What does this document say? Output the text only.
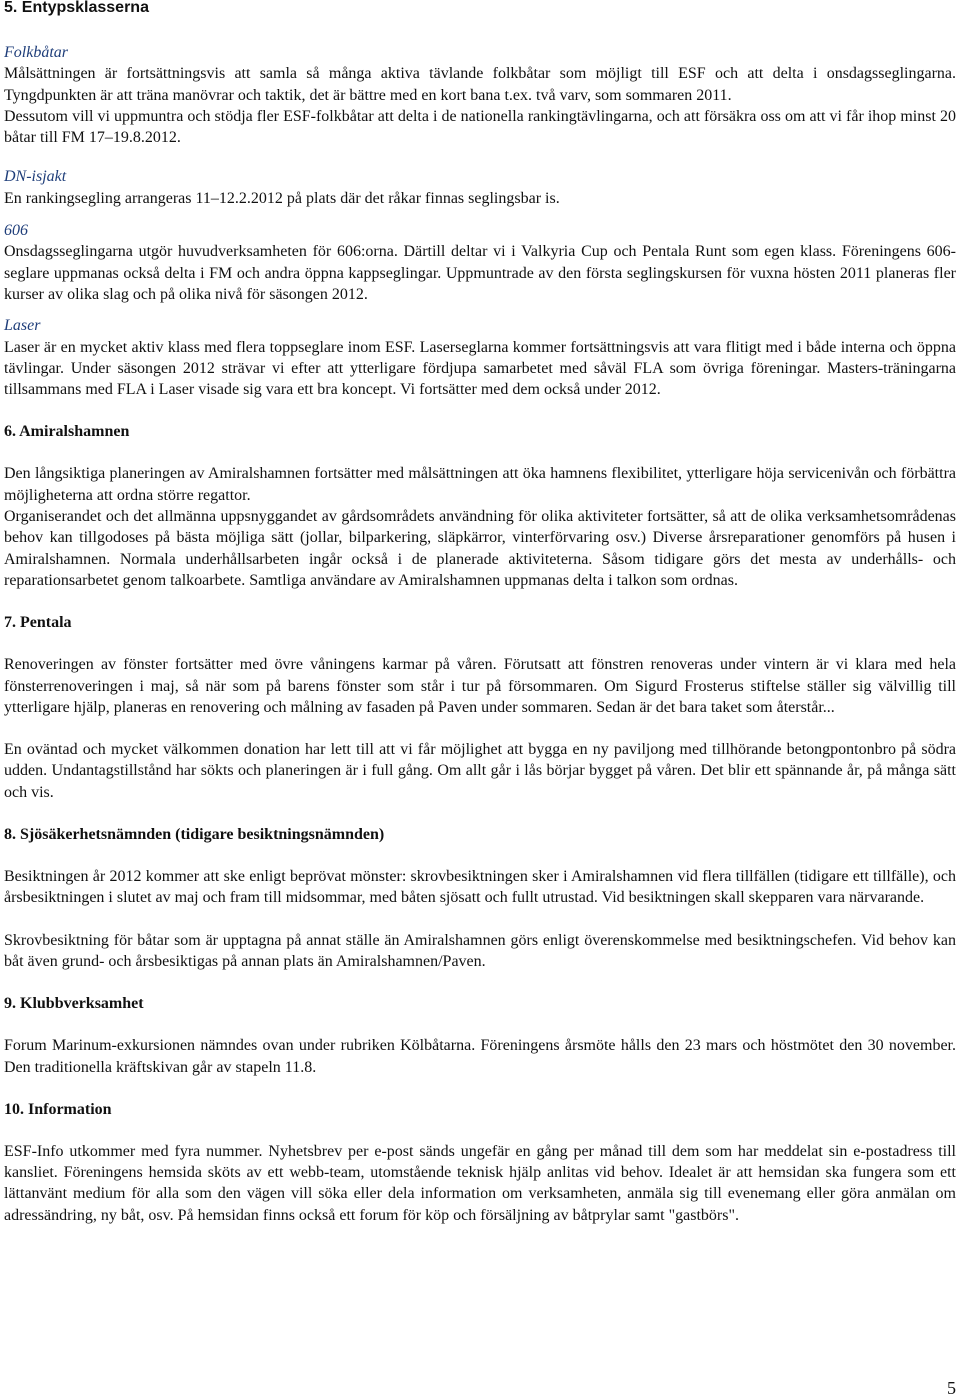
5. Entypsklasserna
Folkbåtar

Målsättningen är fortsättningsvis att samla så många aktiva tävlande folkbåtar som möjligt till ESF och att delta i onsdagsseglingarna. Tyngdpunkten är att träna manövrar och taktik, det är bättre med en kort bana t.ex. två varv, som sommaren 2011.

Dessutom vill vi uppmuntra och stödja fler ESF-folkbåtar att delta i de nationella rankingtävlingarna, och att försäkra oss om att vi får ihop minst 20 båtar till FM 17–19.8.2012.

DN-isjakt

En rankingsegling arrangeras 11–12.2.2012 på plats där det råkar finnas seglingsbar is.

606

Onsdagsseglingarna utgör huvudverksamheten för 606:orna. Därtill deltar vi i Valkyria Cup och Pentala Runt som egen klass. Föreningens 606-seglare uppmanas också delta i FM och andra öppna kappseglingar. Uppmuntrade av den första seglingskursen för vuxna hösten 2011 planeras fler kurser av olika slag och på olika nivå för säsongen 2012.

Laser

Laser är en mycket aktiv klass med flera toppseglare inom ESF. Laserseglarna kommer fortsättningsvis att vara flitigt med i både interna och öppna tävlingar. Under säsongen 2012 strävar vi efter att ytterligare fördjupa samarbetet med såväl FLA som övriga föreningar. Masters-träningarna tillsammans med FLA i Laser visade sig vara ett bra koncept. Vi fortsätter med dem också under 2012.

6. Amiralshamnen

Den långsiktiga planeringen av Amiralshamnen fortsätter med målsättningen att öka hamnens flexibilitet, ytterligare höja servicenivån och förbättra möjligheterna att ordna större regattor.

Organiserandet och det allmänna uppsnyggandet av gårdsområdets användning för olika aktiviteter fortsätter, så att de olika verksamhetsområdenas behov kan tillgodoses på bästa möjliga sätt (jollar, bilparkering, släpkärror, vinterförvaring osv.) Diverse årsreparationer genomförs på husen i Amiralshamnen. Normala underhållsarbeten ingår också i de planerade aktiviteterna. Såsom tidigare görs det mesta av underhålls- och reparationsarbetet genom talkoarbete. Samtliga användare av Amiralshamnen uppmanas delta i talkon som ordnas.

7. Pentala

Renoveringen av fönster fortsätter med övre våningens karmar på våren. Förutsatt att fönstren renoveras under vintern är vi klara med hela fönsterrenoveringen i maj, så när som på barens fönster som står i tur på försommaren. Om Sigurd Frosterus stiftelse ställer sig välvillig till ytterligare hjälp, planeras en renovering och målning av fasaden på Paven under sommaren. Sedan är det bara taket som återstår...

En oväntad och mycket välkommen donation har lett till att vi får möjlighet att bygga en ny paviljong med tillhörande betongpontonbro på södra udden. Undantagstillstånd har sökts och planeringen är i full gång. Om allt går i lås börjar bygget på våren. Det blir ett spännande år, på många sätt och vis.

8. Sjösäkerhetsnämnden (tidigare besiktningsnämnden)

Besiktningen år 2012 kommer att ske enligt beprövat mönster: skrovbesiktningen sker i Amiralshamnen vid flera tillfällen (tidigare ett tillfälle), och årsbesiktningen i slutet av maj och fram till midsommar, med båten sjösatt och fullt utrustad. Vid besiktningen skall skepparen vara närvarande.

Skrovbesiktning för båtar som är upptagna på annat ställe än Amiralshamnen görs enligt överenskommelse med besiktningschefen. Vid behov kan båt även grund- och årsbesiktigas på annan plats än Amiralshamnen/Paven.

9. Klubbverksamhet

Forum Marinum-exkursionen nämndes ovan under rubriken Kölbåtarna. Föreningens årsmöte hålls den 23 mars och höstmötet den 30 november. Den traditionella kräftskivan går av stapeln 11.8.

10. Information

ESF-Info utkommer med fyra nummer. Nyhetsbrev per e-post sänds ungefär en gång per månad till dem som har meddelat sin e-postadress till kansliet. Föreningens hemsida sköts av ett webb-team, utomstående teknisk hjälp anlitas vid behov. Idealet är att hemsidan ska fungera som ett lättanvänt medium för alla som den vägen vill söka eller dela information om verksamheten, anmäla sig till evenemang eller göra anmälan om adressändring, ny båt, osv. På hemsidan finns också ett forum för köp och försäljning av båtprylar samt "gastbörs".

5
